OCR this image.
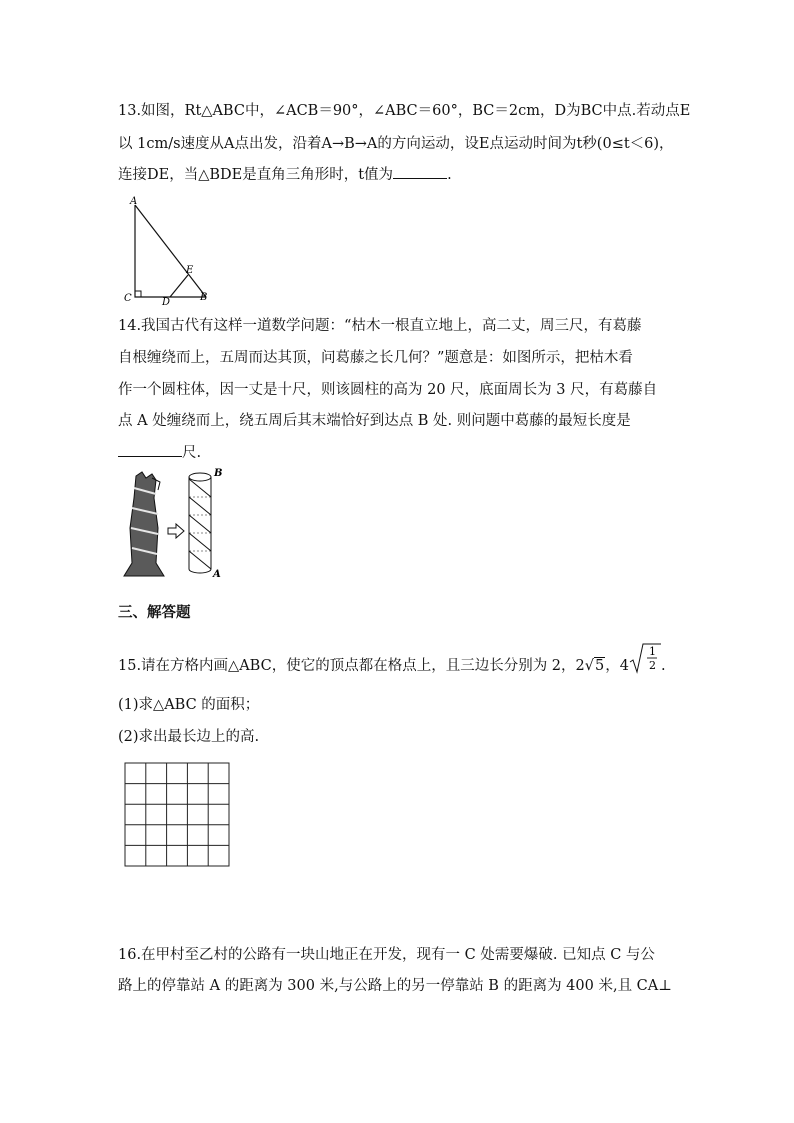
13.如图，Rt△ABC中，∠ACB＝90°，∠ABC＝60°，BC＝2cm，D为BC中点.若动点E
以 1cm/s速度从A点出发，沿着A→B→A的方向运动，设E点运动时间为t秒(0≤t＜6)，
连接DE，当△BDE是直角三角形时，t值为	.
A
C	D	B
E
14.我国古代有这样一道数学问题：“枯木一根直立地上，高二丈，周三尺，有葛藤
自根缠绕而上，五周而达其顶，问葛藤之长几何？”题意是：如图所示，把枯木看
作一个圆柱体，因一丈是十尺，则该圆柱的高为 20 尺，底面周长为 3 尺，有葛藤自
点 A 处缠绕而上，绕五周后其末端恰好到达点 B 处. 则问题中葛藤的最短长度是
尺.
B
A
三、解答题
15.请在方格内画△ABC，使它的顶点都在格点上，且三边长分别为 2，2√5，4
1
2 .
(1)求△ABC 的面积；
(2)求出最长边上的高.
16.在甲村至乙村的公路有一块山地正在开发，现有一 C 处需要爆破. 已知点 C 与公
路上的停靠站 A 的距离为 300 米,与公路上的另一停靠站 B 的距离为 400 米,且 CA⊥
